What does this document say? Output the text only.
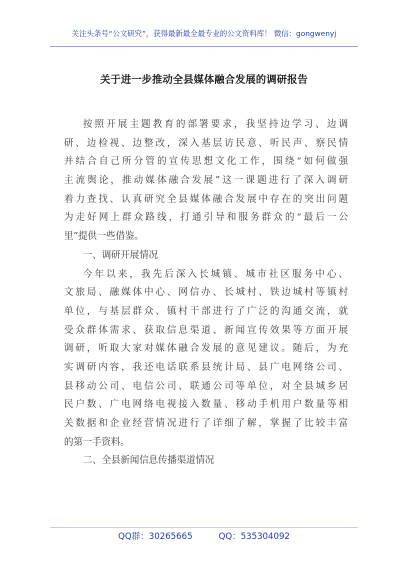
关注头条号“公文研究”，获得最新最全最专业的公文资料库！ 微信：gongwenyj
关于进一步推动全县媒体融合发展的调研报告
按照开展主题教育的部署要求，我坚持边学习、边调
研、边检视、边整改，深入基层访民意、听民声、察民情
并结合自己所分管的宣传思想文化工作，围绕“如何做强
主流舆论，推动媒体融合发展”这一课题进行了深入调研
着力查找、认真研究全县媒体融合发展中存在的突出问题
为走好网上群众路线，打通引导和服务群众的“最后一公
里”提供一些借鉴。
一、调研开展情况
今年以来，我先后深入长城镇、城市社区服务中心、
文旅局、融媒体中心、网信办、长城村、铁边城村等镇村
单位，与基层群众、镇村干部进行了广泛的沟通交流，就
受众群体需求、获取信息渠道、新闻宣传效果等方面开展
调研，听取大家对媒体融合发展的意见建议。随后，为充
实调研内容，我还电话联系县统计局、县广电网络公司、
县移动公司、电信公司、联通公司等单位，对全县城乡居
民户数、广电网络电视接入数量、移动手机用户数量等相
关数据和企业经营情况进行了详细了解，掌握了比较丰富
的第一手资料。
二、全县新闻信息传播渠道情况
QQ群：30265665	QQ：535304092
